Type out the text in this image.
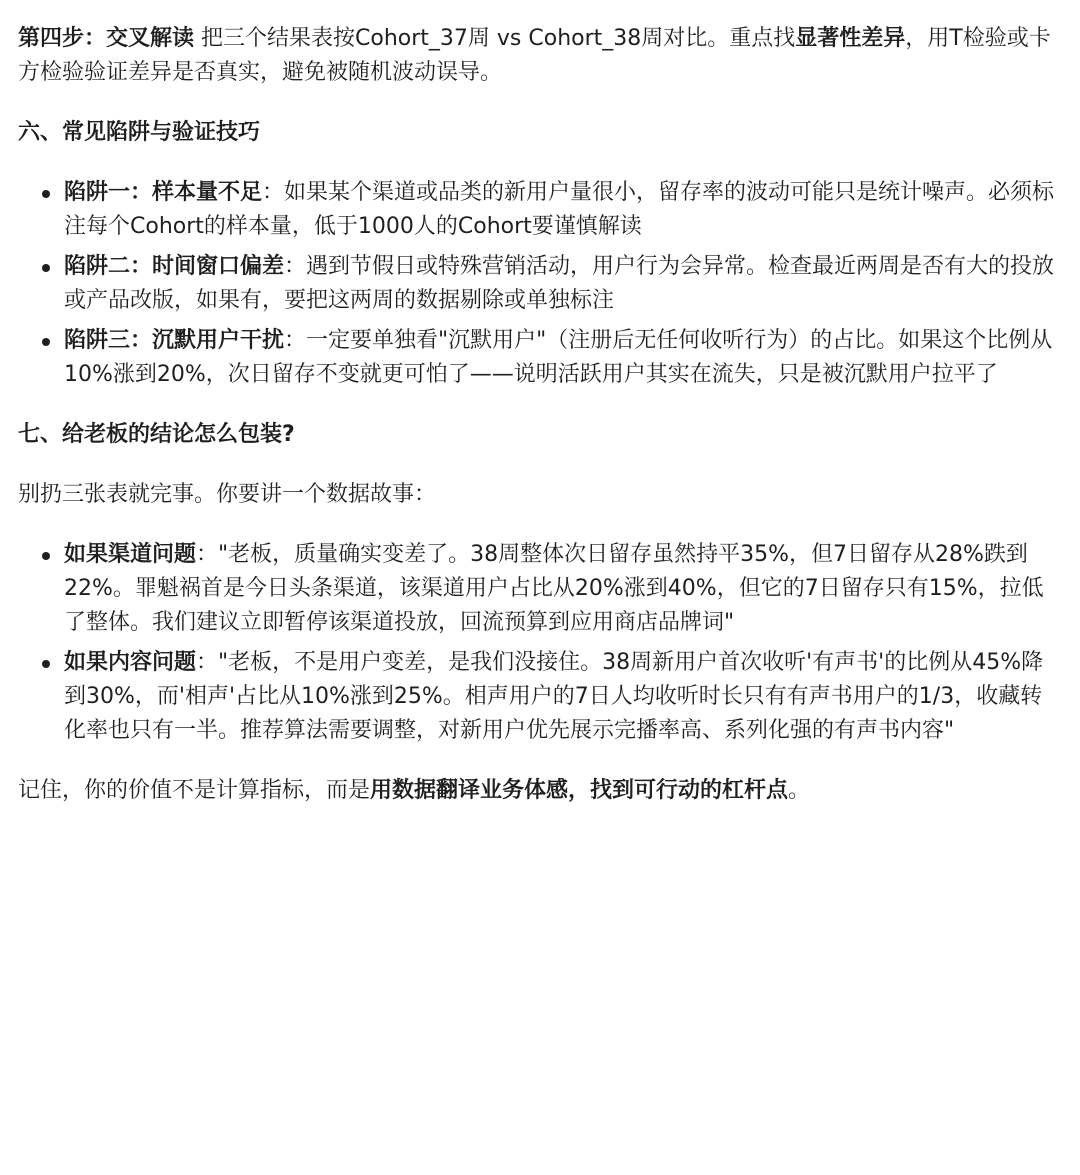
第四步：交叉解读 把三个结果表按Cohort_37周 vs Cohort_38周对比。重点找显著性差异，用T检验或卡方检验验证差异是否真实，避免被随机波动误导。

六、常见陷阱与验证技巧

陷阱一：样本量不足：如果某个渠道或品类的新用户量很小，留存率的波动可能只是统计噪声。必须标注每个Cohort的样本量，低于1000人的Cohort要谨慎解读
陷阱二：时间窗口偏差：遇到节假日或特殊营销活动，用户行为会异常。检查最近两周是否有大的投放或产品改版，如果有，要把这两周的数据剔除或单独标注
陷阱三：沉默用户干扰：一定要单独看"沉默用户"（注册后无任何收听行为）的占比。如果这个比例从10%涨到20%，次日留存不变就更可怕了——说明活跃用户其实在流失，只是被沉默用户拉平了

七、给老板的结论怎么包装?

别扔三张表就完事。你要讲一个数据故事：

如果渠道问题："老板，质量确实变差了。38周整体次日留存虽然持平35%，但7日留存从28%跌到22%。罪魁祸首是今日头条渠道，该渠道用户占比从20%涨到40%，但它的7日留存只有15%，拉低了整体。我们建议立即暂停该渠道投放，回流预算到应用商店品牌词"
如果内容问题："老板，不是用户变差，是我们没接住。38周新用户首次收听'有声书'的比例从45%降到30%，而'相声'占比从10%涨到25%。相声用户的7日人均收听时长只有有声书用户的1/3，收藏转化率也只有一半。推荐算法需要调整，对新用户优先展示完播率高、系列化强的有声书内容"

记住，你的价值不是计算指标，而是用数据翻译业务体感，找到可行动的杠杆点。
